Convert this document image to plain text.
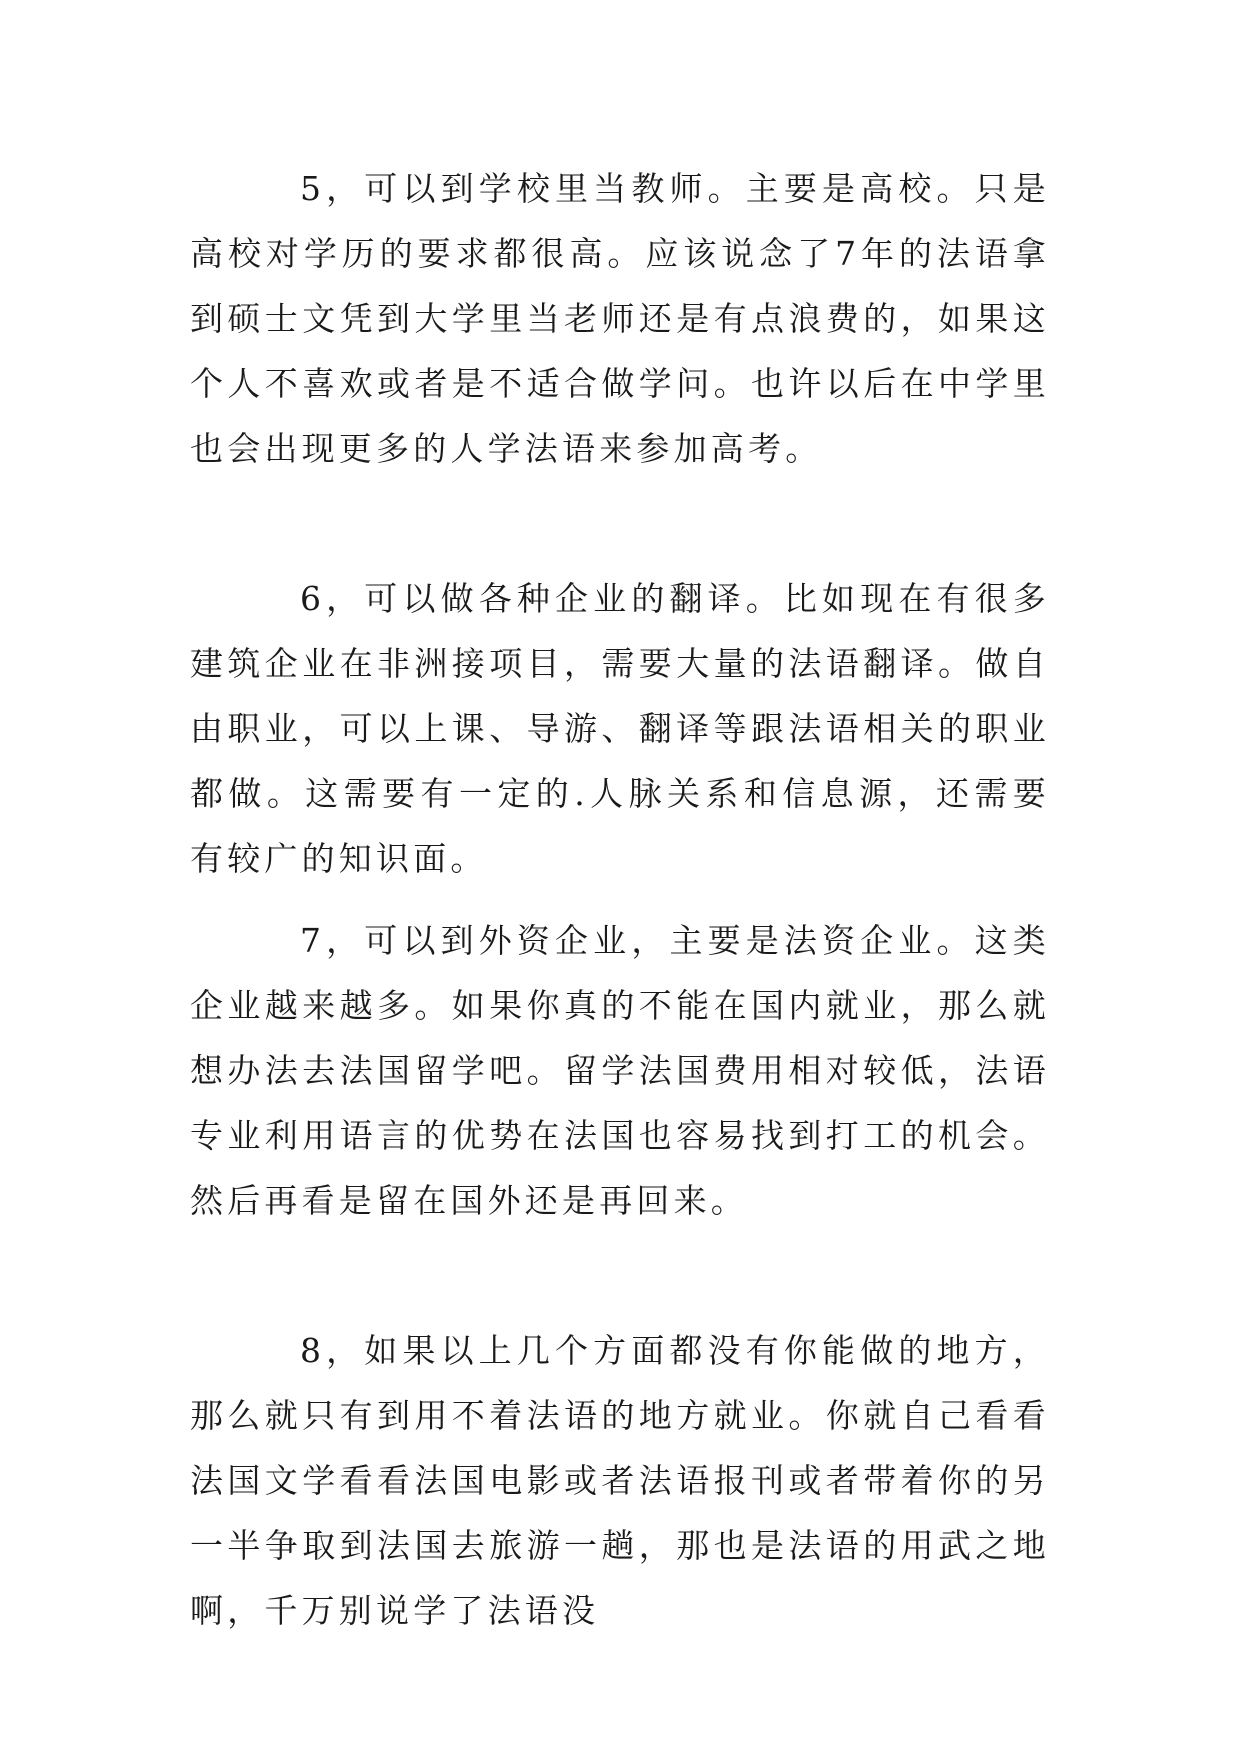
5，可以到学校里当教师。主要是高校。只是高校对学历的要求都很高。应该说念了7年的法语拿到硕士文凭到大学里当老师还是有点浪费的，如果这个人不喜欢或者是不适合做学问。也许以后在中学里也会出现更多的人学法语来参加高考。

6，可以做各种企业的翻译。比如现在有很多建筑企业在非洲接项目，需要大量的法语翻译。做自由职业，可以上课、导游、翻译等跟法语相关的职业都做。这需要有一定的.人脉关系和信息源，还需要有较广的知识面。

7，可以到外资企业，主要是法资企业。这类企业越来越多。如果你真的不能在国内就业，那么就想办法去法国留学吧。留学法国费用相对较低，法语专业利用语言的优势在法国也容易找到打工的机会。然后再看是留在国外还是再回来。

8，如果以上几个方面都没有你能做的地方，那么就只有到用不着法语的地方就业。你就自己看看法国文学看看法国电影或者法语报刊或者带着你的另一半争取到法国去旅游一趟，那也是法语的用武之地啊，千万别说学了法语没
